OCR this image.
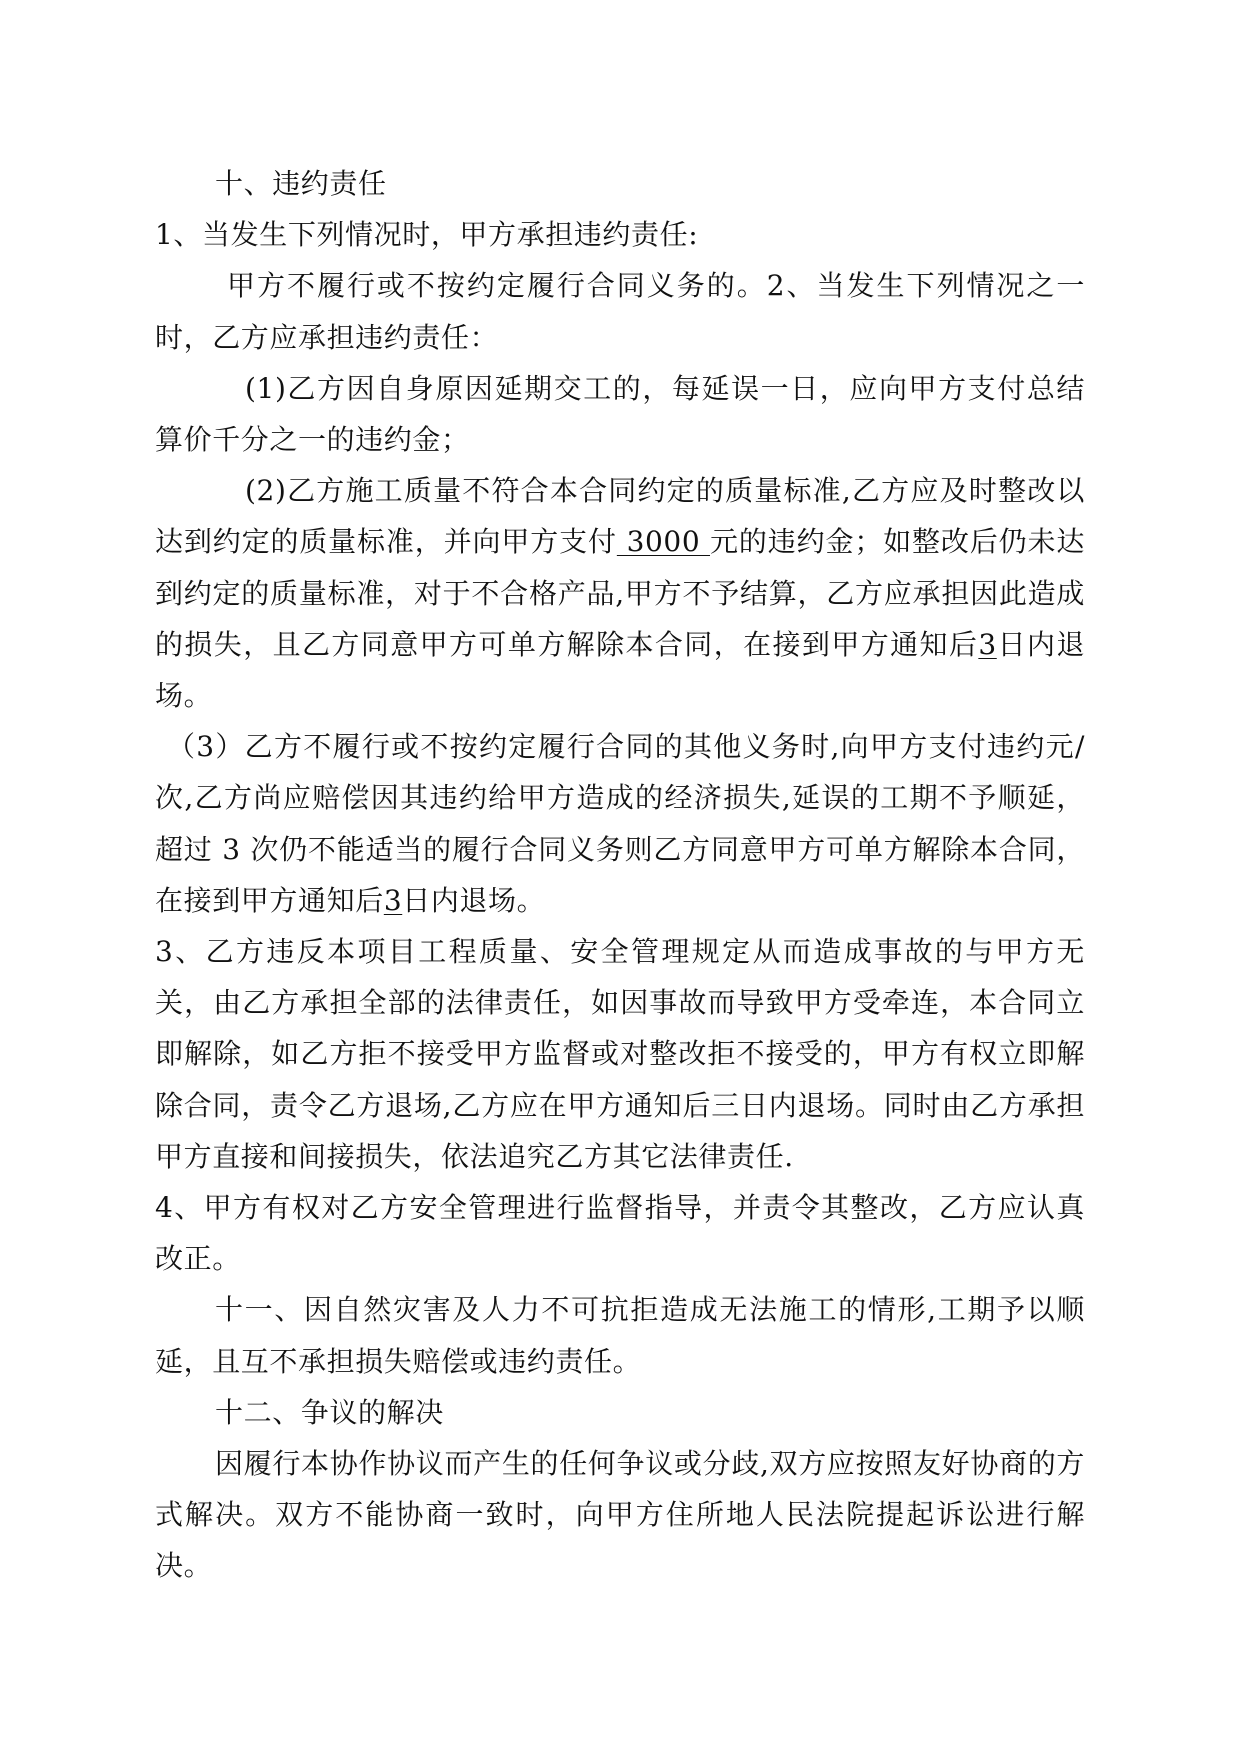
十、违约责任

1、当发生下列情况时，甲方承担违约责任:

甲方不履行或不按约定履行合同义务的。2、当发生下列情况之一时，乙方应承担违约责任：

(1)乙方因自身原因延期交工的，每延误一日，应向甲方支付总结算价千分之一的违约金；

(2)乙方施工质量不符合本合同约定的质量标准,乙方应及时整改以达到约定的质量标准，并向甲方支付 3000 元的违约金；如整改后仍未达到约定的质量标准，对于不合格产品,甲方不予结算，乙方应承担因此造成的损失，且乙方同意甲方可单方解除本合同，在接到甲方通知后3日内退场。

（3）乙方不履行或不按约定履行合同的其他义务时,向甲方支付违约元/次,乙方尚应赔偿因其违约给甲方造成的经济损失,延误的工期不予顺延，超过 3 次仍不能适当的履行合同义务则乙方同意甲方可单方解除本合同，在接到甲方通知后3日内退场。

3、乙方违反本项目工程质量、安全管理规定从而造成事故的与甲方无关，由乙方承担全部的法律责任，如因事故而导致甲方受牵连，本合同立即解除，如乙方拒不接受甲方监督或对整改拒不接受的，甲方有权立即解除合同，责令乙方退场,乙方应在甲方通知后三日内退场。同时由乙方承担甲方直接和间接损失，依法追究乙方其它法律责任.

4、甲方有权对乙方安全管理进行监督指导，并责令其整改，乙方应认真改正。

十一、因自然灾害及人力不可抗拒造成无法施工的情形,工期予以顺延，且互不承担损失赔偿或违约责任。

十二、争议的解决

因履行本协作协议而产生的任何争议或分歧,双方应按照友好协商的方式解决。双方不能协商一致时，向甲方住所地人民法院提起诉讼进行解决。
